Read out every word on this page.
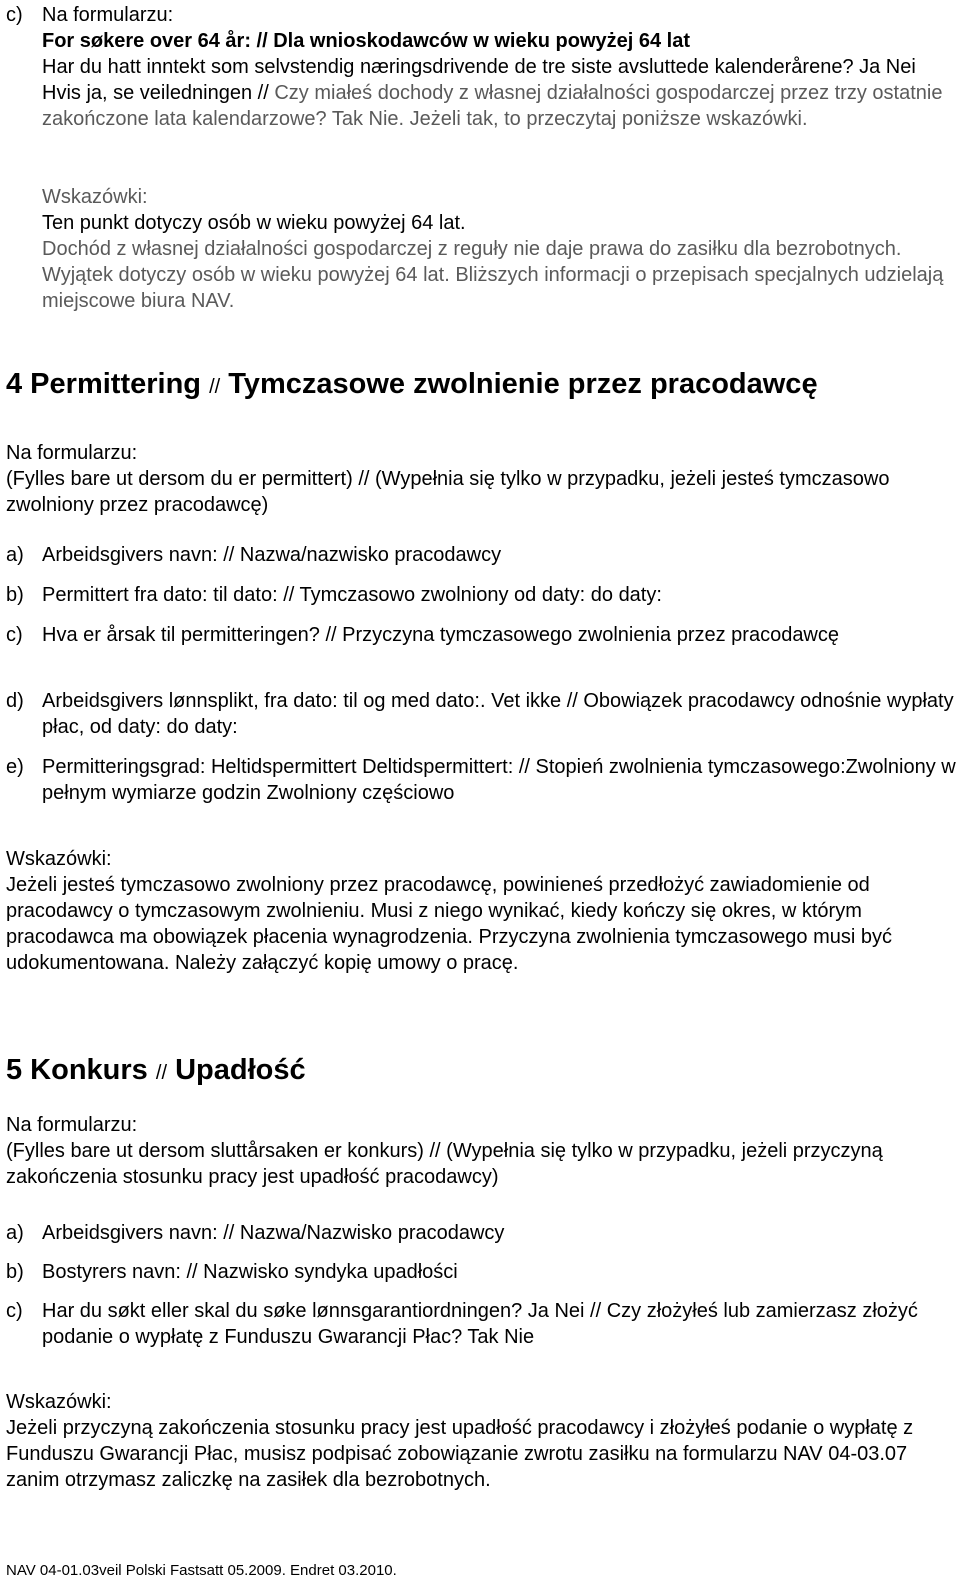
c) Na formularzu:
For søkere over 64 år: // Dla wnioskodawców w wieku powyżej 64 lat
Har du hatt inntekt som selvstendig næringsdrivende de tre siste avsluttede kalenderårene? Ja Nei Hvis ja, se veiledningen // Czy miałeś dochody z własnej działalności gospodarczej przez trzy ostatnie zakończone lata kalendarzowe? Tak Nie. Jeżeli tak, to przeczytaj poniższe wskazówki.
Wskazówki:
Ten punkt dotyczy osób w wieku powyżej 64 lat.
Dochód z własnej działalności gospodarczej z reguły nie daje prawa do zasiłku dla bezrobotnych. Wyjątek dotyczy osób w wieku powyżej 64 lat. Bliższych informacji o przepisach specjalnych udzielają miejscowe biura NAV.
4 Permittering // Tymczasowe zwolnienie przez pracodawcę

Na formularzu:

(Fylles bare ut dersom du er permittert) // (Wypełnia się tylko w przypadku, jeżeli jesteś tymczasowo zwolniony przez pracodawcę)

a) Arbeidsgivers navn: // Nazwa/nazwisko pracodawcy
b) Permittert fra dato: til dato: // Tymczasowo zwolniony od daty: do daty:
c) Hva er årsak til permitteringen? // Przyczyna tymczasowego zwolnienia przez pracodawcę
d) Arbeidsgivers lønnsplikt, fra dato: til og med dato:. Vet ikke // Obowiązek pracodawcy odnośnie wypłaty płac, od daty: do daty:
e) Permitteringsgrad: Heltidspermittert Deltidspermittert: // Stopień zwolnienia tymczasowego:Zwolniony w pełnym wymiarze godzin Zwolniony częściowo

Wskazówki:

Jeżeli jesteś tymczasowo zwolniony przez pracodawcę, powinieneś przedłożyć zawiadomienie od pracodawcy o tymczasowym zwolnieniu. Musi z niego wynikać, kiedy kończy się okres, w którym pracodawca ma obowiązek płacenia wynagrodzenia. Przyczyna zwolnienia tymczasowego musi być udokumentowana. Należy załączyć kopię umowy o pracę.

5 Konkurs // Upadłość

Na formularzu:

(Fylles bare ut dersom sluttårsaken er konkurs) // (Wypełnia się tylko w przypadku, jeżeli przyczyną zakończenia stosunku pracy jest upadłość pracodawcy)

a) Arbeidsgivers navn: // Nazwa/Nazwisko pracodawcy
b) Bostyrers navn: // Nazwisko syndyka upadłości
c) Har du søkt eller skal du søke lønnsgarantiordningen? Ja Nei // Czy złożyłeś lub zamierzasz złożyć podanie o wypłatę z Funduszu Gwarancji Płac? Tak Nie

Wskazówki:

Jeżeli przyczyną zakończenia stosunku pracy jest upadłość pracodawcy i złożyłeś podanie o wypłatę z Funduszu Gwarancji Płac, musisz podpisać zobowiązanie zwrotu zasiłku na formularzu NAV 04-03.07 zanim otrzymasz zaliczkę na zasiłek dla bezrobotnych.

NAV 04-01.03veil Polski Fastsatt 05.2009. Endret 03.2010.
